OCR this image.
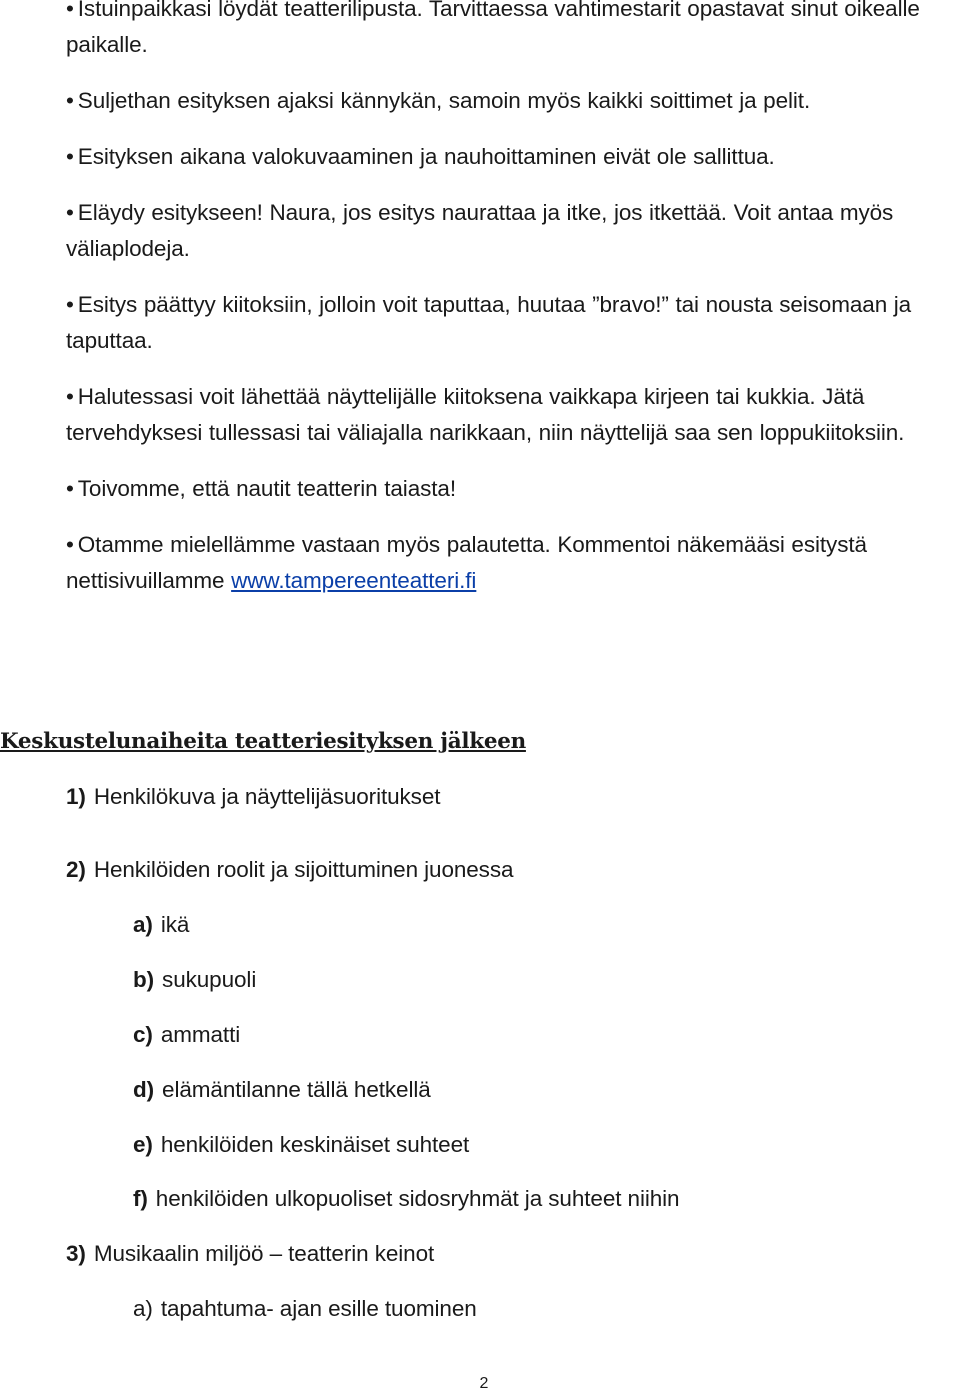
• Istuinpaikkasi löydät teatterilipusta. Tarvittaessa vahtimestarit opastavat sinut oikealle paikalle.
• Suljethan esityksen ajaksi kännykän, samoin myös kaikki soittimet ja pelit.
• Esityksen aikana valokuvaaminen ja nauhoittaminen eivät ole sallittua.
• Eläydy esitykseen! Naura, jos esitys naurattaa ja itke, jos itkettää. Voit antaa myös väliaplodeja.
• Esitys päättyy kiitoksiin, jolloin voit taputtaa, huutaa ”bravo!” tai nousta seisomaan ja taputtaa.
• Halutessasi voit lähettää näyttelijälle kiitoksena vaikkapa kirjeen tai kukkia. Jätä tervehdyksesi tullessasi tai väliajalla narikkaan, niin näyttelijä saa sen loppukiitoksiin.
• Toivomme, että nautit teatterin taiasta!
• Otamme mielellämme vastaan myös palautetta. Kommentoi näkemääsi esitystä nettisivuillamme www.tampereenteatteri.fi
Keskustelunaiheita teatteriesityksen jälkeen

1) Henkilökuva ja näyttelijäsuoritukset

2) Henkilöiden roolit ja sijoittuminen juonessa

a) ikä

b) sukupuoli

c) ammatti

d) elämäntilanne tällä hetkellä

e) henkilöiden keskinäiset suhteet

f) henkilöiden ulkopuoliset sidosryhmät ja suhteet niihin

3) Musikaalin miljöö – teatterin keinot

a) tapahtuma- ajan esille tuominen

2
